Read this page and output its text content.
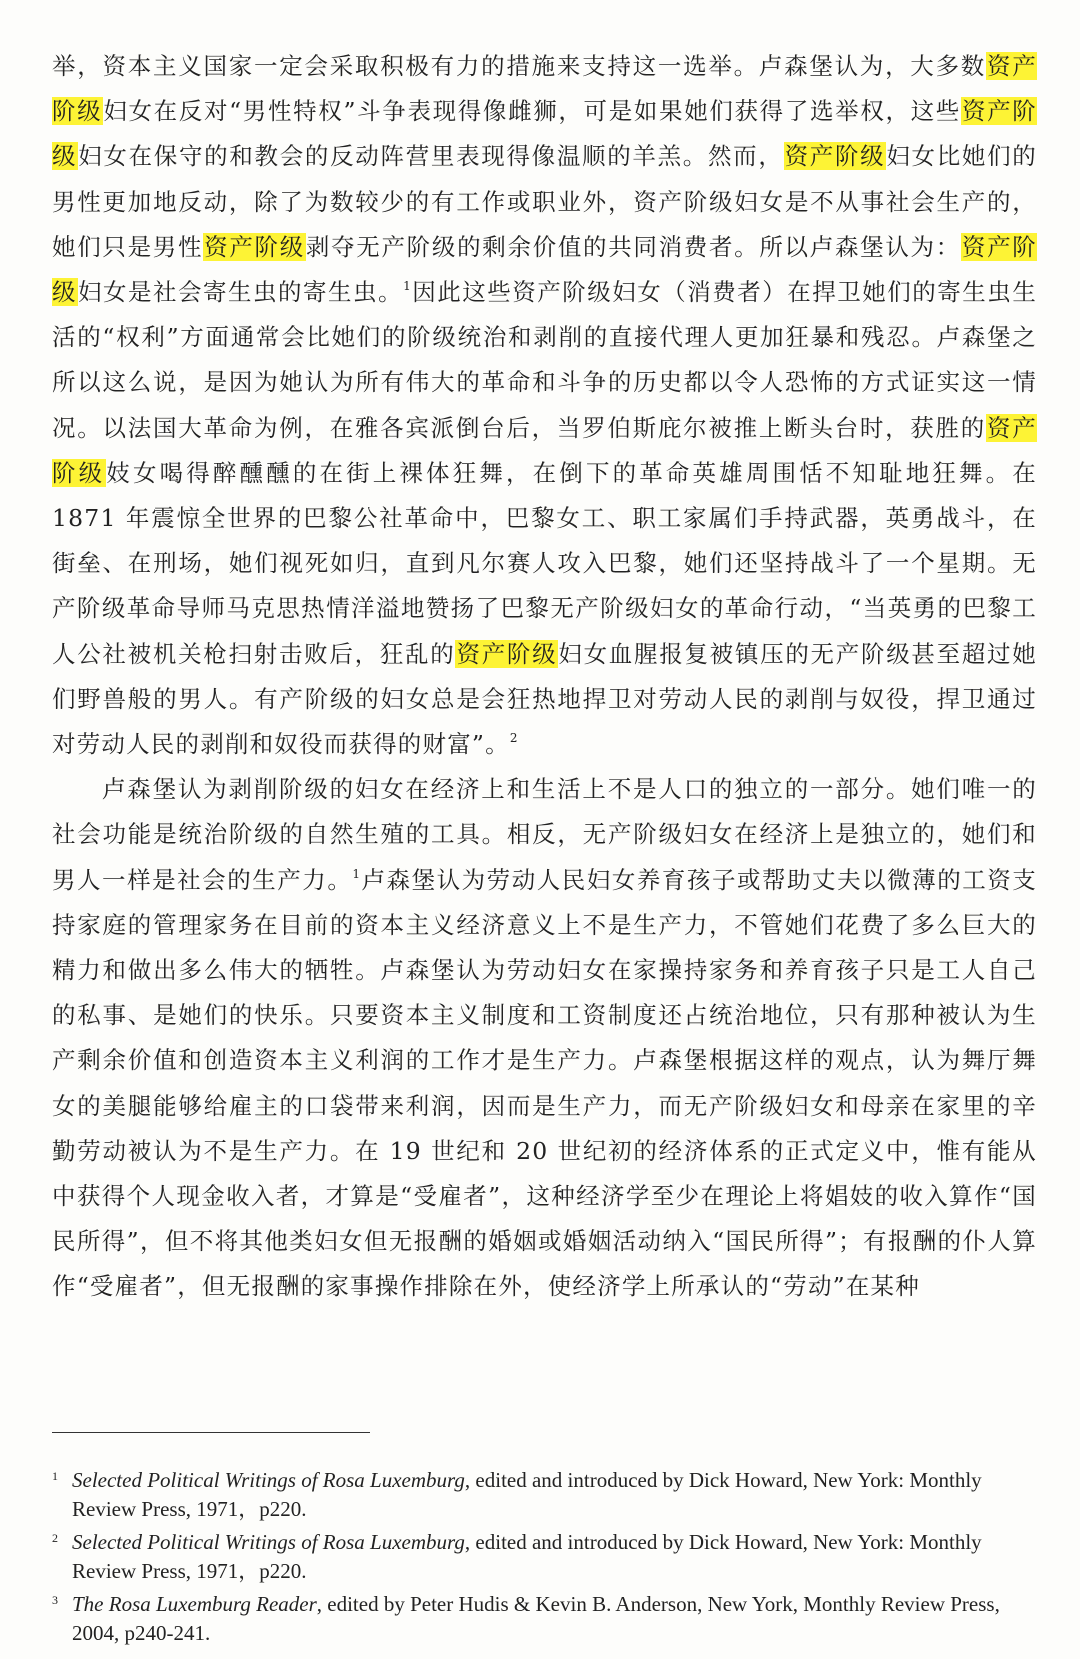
举，资本主义国家一定会采取积极有力的措施来支持这一选举。卢森堡认为，大多数资产阶级妇女在反对“男性特权”斗争表现得像雌狮，可是如果她们获得了选举权，这些资产阶级妇女在保守的和教会的反动阵营里表现得像温顺的羊羔。然而，资产阶级妇女比她们的男性更加地反动，除了为数较少的有工作或职业外，资产阶级妇女是不从事社会生产的，她们只是男性资产阶级剥夺无产阶级的剩余价值的共同消费者。所以卢森堡认为：资产阶级妇女是社会寄生虫的寄生虫。$^1$因此这些资产阶级妇女（消费者）在捍卫她们的寄生虫生活的“权利”方面通常会比她们的阶级统治和剥削的直接代理人更加狂暴和残忍。卢森堡之所以这么说，是因为她认为所有伟大的革命和斗争的历史都以令人恐怖的方式证实这一情况。以法国大革命为例，在雅各宾派倒台后，当罗伯斯庇尔被推上断头台时，获胜的资产阶级妓女喝得醉醺醺的在街上裸体狂舞，在倒下的革命英雄周围恬不知耻地狂舞。在 1871 年震惊全世界的巴黎公社革命中，巴黎女工、职工家属们手持武器，英勇战斗，在街垒、在刑场，她们视死如归，直到凡尔赛人攻入巴黎，她们还坚持战斗了一个星期。无产阶级革命导师马克思热情洋溢地赞扬了巴黎无产阶级妇女的革命行动，“当英勇的巴黎工人公社被机关枪扫射击败后，狂乱的资产阶级妇女血腥报复被镇压的无产阶级甚至超过她们野兽般的男人。有产阶级的妇女总是会狂热地捍卫对劳动人民的剥削与奴役，捍卫通过对劳动人民的剥削和奴役而获得的财富”。$^2$

卢森堡认为剥削阶级的妇女在经济上和生活上不是人口的独立的一部分。她们唯一的社会功能是统治阶级的自然生殖的工具。相反，无产阶级妇女在经济上是独立的，她们和男人一样是社会的生产力。$^1$卢森堡认为劳动人民妇女养育孩子或帮助丈夫以微薄的工资支持家庭的管理家务在目前的资本主义经济意义上不是生产力，不管她们花费了多么巨大的精力和做出多么伟大的牺牲。卢森堡认为劳动妇女在家操持家务和养育孩子只是工人自己的私事、是她们的快乐。只要资本主义制度和工资制度还占统治地位，只有那种被认为生产剩余价值和创造资本主义利润的工作才是生产力。卢森堡根据这样的观点，认为舞厅舞女的美腿能够给雇主的口袋带来利润，因而是生产力，而无产阶级妇女和母亲在家里的辛勤劳动被认为不是生产力。在 19 世纪和 20 世纪初的经济体系的正式定义中，惟有能从中获得个人现金收入者，才算是“受雇者”，这种经济学至少在理论上将娼妓的收入算作“国民所得”，但不将其他类妇女但无报酬的婚姻或婚姻活动纳入“国民所得”；有报酬的仆人算作“受雇者”，但无报酬的家事操作排除在外，使经济学上所承认的“劳动”在某种

1 Selected Political Writings of Rosa Luxemburg, edited and introduced by Dick Howard, New York: Monthly Review Press, 1971，p220.
2 Selected Political Writings of Rosa Luxemburg, edited and introduced by Dick Howard, New York: Monthly Review Press, 1971，p220.
3 The Rosa Luxemburg Reader, edited by Peter Hudis & Kevin B. Anderson, New York, Monthly Review Press, 2004, p240-241.
